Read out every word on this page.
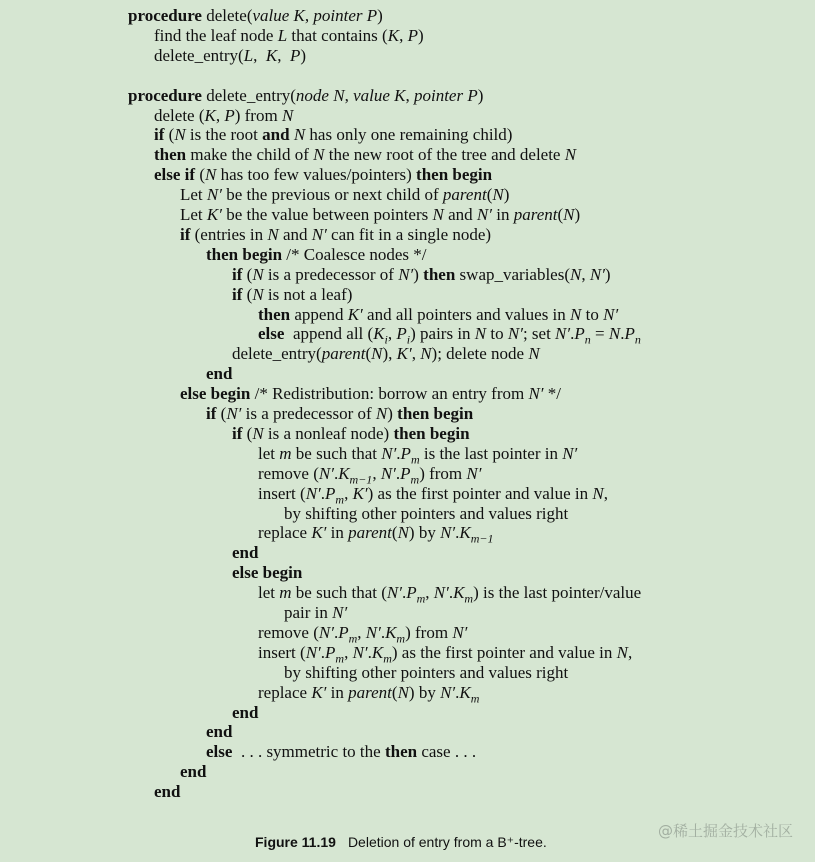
procedure delete(value K, pointer P)
find the leaf node L that contains (K, P)
delete_entry(L,  K,  P)
procedure delete_entry(node N, value K, pointer P)
delete (K, P) from N
if (N is the root and N has only one remaining child)
then make the child of N the new root of the tree and delete N
else if (N has too few values/pointers) then begin
Let N′ be the previous or next child of parent(N)
Let K′ be the value between pointers N and N′ in parent(N)
if (entries in N and N′ can fit in a single node)
then begin /* Coalesce nodes */
if (N is a predecessor of N′) then swap_variables(N, N′)
if (N is not a leaf)
then append K′ and all pointers and values in N to N′
else  append all ($K_i$, $P_i$) pairs in N to N′; set $N'.P_n = N.P_n$
delete_entry(parent(N), K′, N); delete node N
end
else begin /* Redistribution: borrow an entry from N′ */
if (N′ is a predecessor of N) then begin
if (N is a nonleaf node) then begin
let m be such that $N'.P_m$ is the last pointer in N′
remove ($N'.K_{m-1}$, $N'.P_m$) from N′
insert ($N'.P_m$, K′) as the first pointer and value in N,
by shifting other pointers and values right
replace K′ in parent(N) by $N'.K_{m-1}$
end
else begin
let m be such that ($N'.P_m$, $N'.K_m$) is the last pointer/value
pair in N′
remove ($N'.P_m$, $N'.K_m$) from N′
insert ($N'.P_m$, $N'.K_m$) as the first pointer and value in N,
by shifting other pointers and values right
replace K′ in parent(N) by $N'.K_m$
end
end
else  . . . symmetric to the then case . . .
end
end
Figure 11.19 Deletion of entry from a B⁺-tree.
@稀土掘金技术社区
